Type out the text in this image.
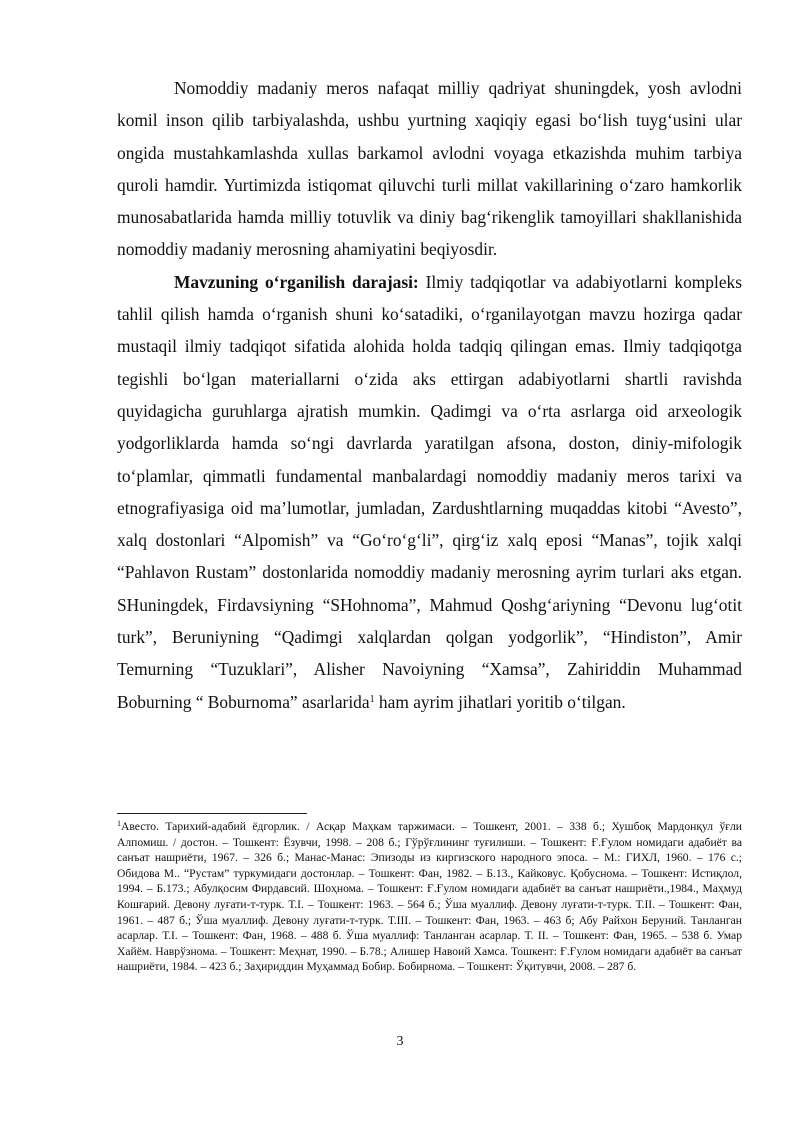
Nomoddiy madaniy meros nafaqat milliy qadriyat shuningdek, yosh avlodni komil inson qilib tarbiyalashda, ushbu yurtning xaqiqiy egasi bo‘lish tuyg‘usini ular ongida mustahkamlashda xullas barkamol avlodni voyaga etkazishda muhim tarbiya quroli hamdir. Yurtimizda istiqomat qiluvchi turli millat vakillarining o‘zaro hamkorlik munosabatlarida hamda milliy totuvlik va diniy bag‘rikenglik tamoyillari shakllanishida nomoddiy madaniy merosning ahamiyatini beqiyosdir.

Mavzuning o‘rganilish darajasi: Ilmiy tadqiqotlar va adabiyotlarni kompleks tahlil qilish hamda o‘rganish shuni ko‘satadiki, o‘rganilayotgan mavzu hozirga qadar mustaqil ilmiy tadqiqot sifatida alohida holda tadqiq qilingan emas. Ilmiy tadqiqotga tegishli bo‘lgan materiallarni o‘zida aks ettirgan adabiyotlarni shartli ravishda quyidagicha guruhlarga ajratish mumkin. Qadimgi va o‘rta asrlarga oid arxeologik yodgorliklarda hamda so‘ngi davrlarda yaratilgan afsona, doston, diniy-mifologik to‘plamlar, qimmatli fundamental manbalardagi nomoddiy madaniy meros tarixi va etnografiyasiga oid ma’lumotlar, jumladan, Zardushtlarning muqaddas kitobi “Avesto”, xalq dostonlari “Alpomish” va “Go‘ro‘g‘li”, qirg‘iz xalq eposi “Manas”, tojik xalqi “Pahlavon Rustam” dostonlarida nomoddiy madaniy merosning ayrim turlari aks etgan. SHuningdek, Firdavsiyning “SHohnoma”, Mahmud Qoshg‘ariyning “Devonu lug‘otit turk”, Beruniyning “Qadimgi xalqlardan qolgan yodgorlik”, “Hindiston”, Amir Temurning “Tuzuklari”, Alisher Navoiyning “Xamsa”, Zahiriddin Muhammad Boburning “ Boburnoma” asarlarida$^1$ ham ayrim jihatlari yoritib o‘tilgan.

$^1$Авесто. Тарихий-адабий ёдгорлик. / Асқар Маҳкам таржимаси. – Тошкент, 2001. – 338 б.; Хушбоқ Мардонқул ўғли Алпомиш. / достон. – Тошкент: Ёзувчи, 1998. – 208 б.; Гўрўғлининг туғилиши. – Тошкент: Ғ.Ғулом номидаги адабиёт ва санъат нашриёти, 1967. – 326 б.; Манас-Манас: Эпизоды из киргизского народного эпоса. – М.: ГИХЛ, 1960. – 176 с.; Обидова М.. “Рустам” туркумидаги достонлар. – Тошкент: Фан, 1982. – Б.13., Кайковус. Қобуснома. – Тошкент: Истиқлол, 1994. – Б.173.; Абулқосим Фирдавсий. Шоҳнома. – Тошкент: Ғ.Ғулом номидаги адабиёт ва санъат нашриёти.,1984., Маҳмуд Кошғарий. Девону луғати-т-турк. Т.I. – Тошкент: 1963. – 564 б.; Ўша муаллиф. Девону луғати-т-турк. Т.II. – Тошкент: Фан, 1961. – 487 б.; Ўша муаллиф. Девону луғати-т-турк. Т.III. – Тошкент: Фан, 1963. – 463 б; Абу Райхон Беруний. Танланган асарлар. Т.I. – Тошкент: Фан, 1968. – 488 б. Ўша муаллиф: Танланган асарлар. Т. II. – Тошкент: Фан, 1965. – 538 б. Умар Хайём. Наврўзнома. – Тошкент: Меҳнат, 1990. – Б.78.; Алишер Навоий Хамса. Тошкент: Ғ.Ғулом номидаги адабиёт ва санъат нашриёти, 1984. – 423 б.; Заҳириддин Муҳаммад Бобир. Бобирнома. – Тошкент: Ўқитувчи, 2008. – 287 б.

3
